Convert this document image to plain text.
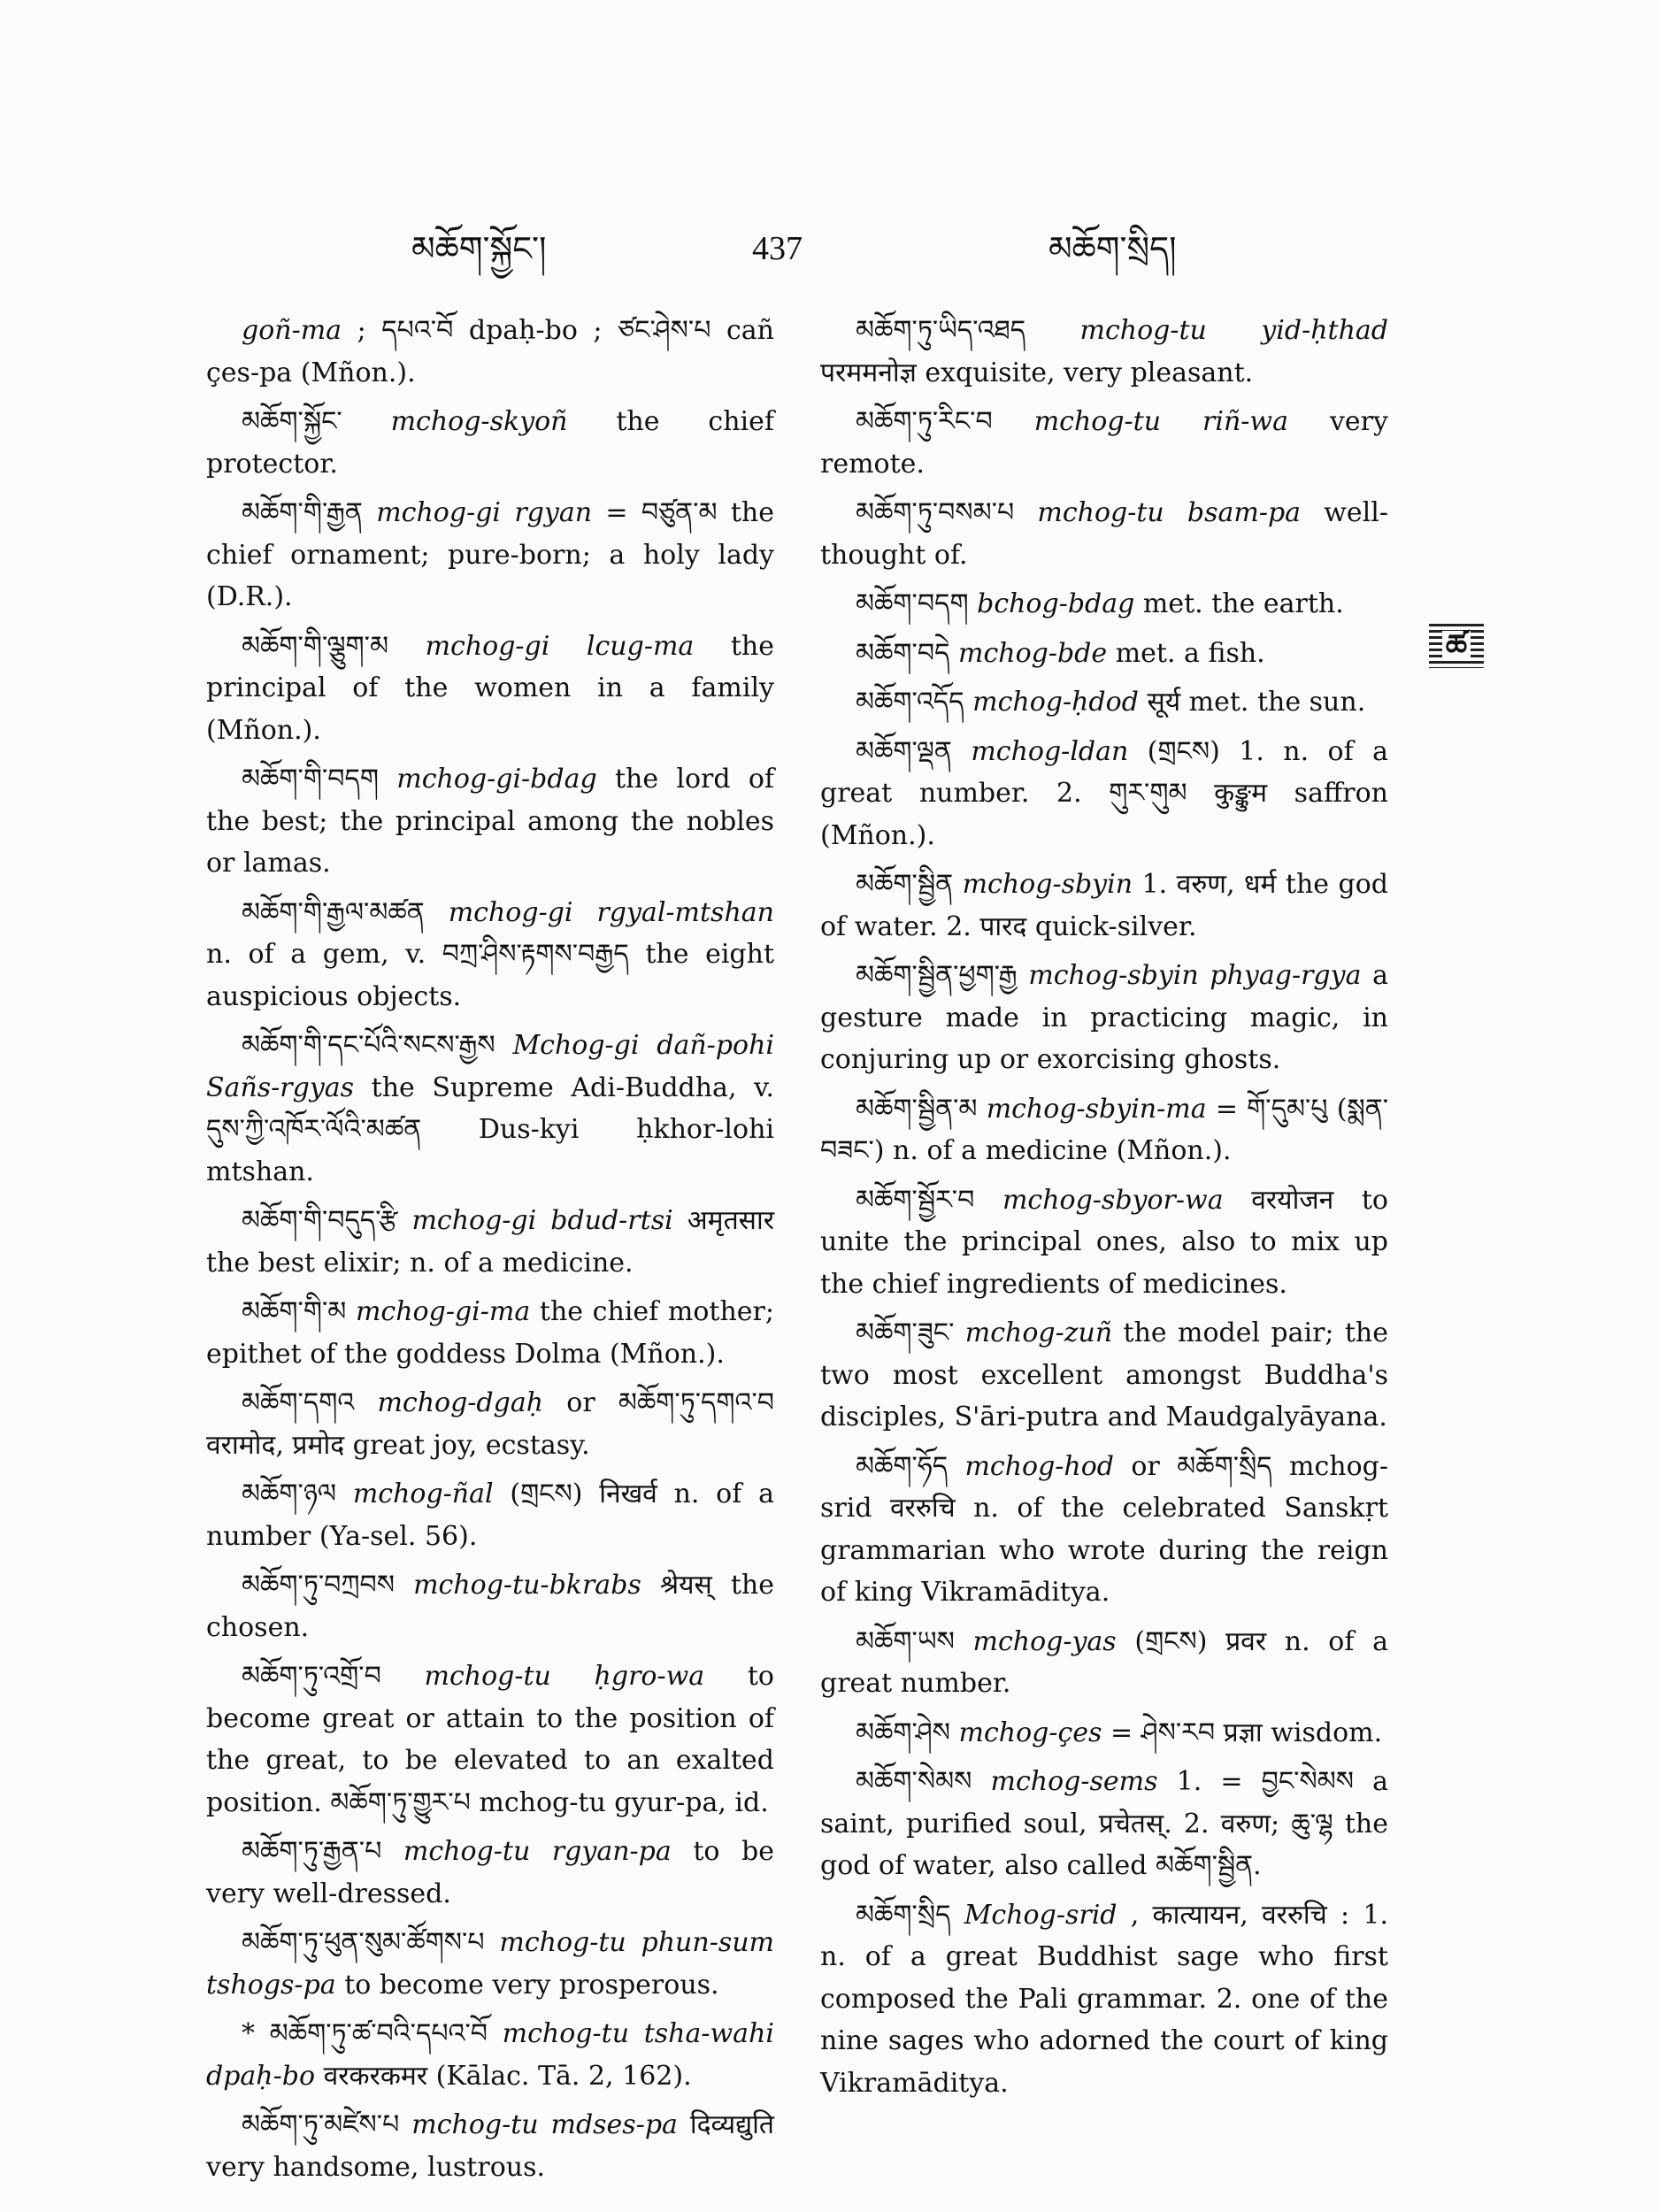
མཆོག་སྐྱོང་།	437	མཆོག་སྲིད།
ཚ

goñ-ma ; དཔའ་བོ dpaḥ-bo ; ཙང་ཤེས་པ cañ çes-pa (Mñon.).

མཆོག་སྐྱོང་ mchog-skyoñ the chief protector.

མཆོག་གི་རྒྱན mchog-gi rgyan = བཙུན་མ the chief ornament; pure-born; a holy lady (D.R.).

མཆོག་གི་ལྕུག་མ mchog-gi lcug-ma the principal of the women in a family (Mñon.).

མཆོག་གི་བདག mchog-gi-bdag the lord of the best; the principal among the nobles or lamas.

མཆོག་གི་རྒྱལ་མཚན mchog-gi rgyal-mtshan n. of a gem, v. བཀྲ་ཤིས་རྟགས་བརྒྱད the eight auspicious objects.

མཆོག་གི་དང་པོའི་སངས་རྒྱས Mchog-gi dañ-pohi Sañs-rgyas the Supreme Adi-Buddha, v. དུས་ཀྱི་འཁོར་ལོའི་མཚན Dus-kyi ḥkhor-lohi mtshan.

མཆོག་གི་བདུད་རྩི mchog-gi bdud-rtsi अमृतसार the best elixir; n. of a medicine.

མཆོག་གི་མ mchog-gi-ma the chief mother; epithet of the goddess Dolma (Mñon.).

མཆོག་དགའ mchog-dgaḥ or མཆོག་ཏུ་དགའ་བ वरामोद, प्रमोद great joy, ecstasy.

མཆོག་ཉལ mchog-ñal (གྲངས) निखर्व n. of a number (Ya-sel. 56).

མཆོག་ཏུ་བཀྲབས mchog-tu-bkrabs श्रेयस् the chosen.

མཆོག་ཏུ་འགྲོ་བ mchog-tu ḥgro-wa to become great or attain to the position of the great, to be elevated to an exalted position. མཆོག་ཏུ་གྱུར་པ mchog-tu gyur-pa, id.

མཆོག་ཏུ་རྒྱན་པ mchog-tu rgyan-pa to be very well-dressed.

མཆོག་ཏུ་ཕུན་སུམ་ཚོགས་པ mchog-tu phun-sum tshogs-pa to become very prosperous.

* མཆོག་ཏུ་ཚ་བའི་དཔའ་བོ mchog-tu tsha-wahi dpaḥ-bo वरकरकमर (Kālac. Tā. 2, 162).

མཆོག་ཏུ་མཛེས་པ mchog-tu mdses-pa दिव्यद्युति very handsome, lustrous.

མཆོག་ཏུ་ཡིད་འཐད mchog-tu yid-ḥthad परममनोज्ञ exquisite, very pleasant.

མཆོག་ཏུ་རིང་བ mchog-tu riñ-wa very remote.

མཆོག་ཏུ་བསམ་པ mchog-tu bsam-pa well-thought of.

མཆོག་བདག bchog-bdag met. the earth.

མཆོག་བདེ mchog-bde met. a fish.

མཆོག་འདོད mchog-ḥdod सूर्य met. the sun.

མཆོག་ལྡན mchog-ldan (གྲངས) 1. n. of a great number. 2. གུར་གུམ कुङ्कुम saffron (Mñon.).

མཆོག་སྦྱིན mchog-sbyin 1. वरुण, धर्म the god of water. 2. पारद quick-silver.

མཆོག་སྦྱིན་ཕྱག་རྒྱ mchog-sbyin phyag-rgya a gesture made in practicing magic, in conjuring up or exorcising ghosts.

མཆོག་སྦྱིན་མ mchog-sbyin-ma = གོ་དུམ་པུ (སྨན་བཟང་) n. of a medicine (Mñon.).

མཆོག་སྦྱོར་བ mchog-sbyor-wa वरयोजन to unite the principal ones, also to mix up the chief ingredients of medicines.

མཆོག་ཟུང་ mchog-zuñ the model pair; the two most excellent amongst Buddha's disciples, S'āri-putra and Maudgalyāyana.

མཆོག་ཧོད mchog-hod or མཆོག་སྲིད mchog-srid वररुचि n. of the celebrated Sanskṛt grammarian who wrote during the reign of king Vikramāditya.

མཆོག་ཡས mchog-yas (གྲངས) प्रवर n. of a great number.

མཆོག་ཤེས mchog-çes = ཤེས་རབ प्रज्ञा wisdom.

མཆོག་སེམས mchog-sems 1. = བྱང་སེམས a saint, purified soul, प्रचेतस्. 2. वरुण; ཆུ་ལྷ the god of water, also called མཆོག་སྦྱིན.

མཆོག་སྲིད Mchog-srid , कात्यायन, वररुचि : 1. n. of a great Buddhist sage who first composed the Pali grammar. 2. one of the nine sages who adorned the court of king Vikramāditya.
